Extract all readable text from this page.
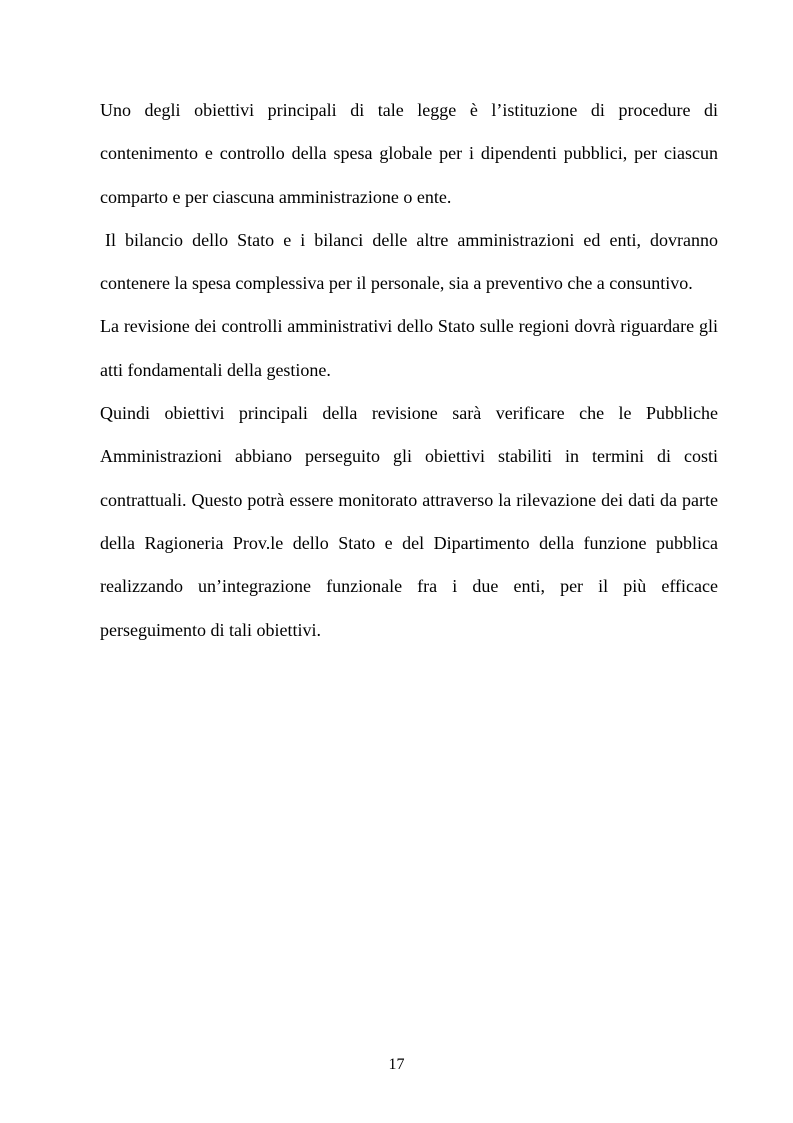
Uno degli obiettivi principali di tale legge è l’istituzione di procedure di contenimento e controllo della spesa globale per i dipendenti pubblici, per ciascun comparto e per ciascuna amministrazione o ente.

Il bilancio dello Stato e i bilanci delle altre amministrazioni ed enti, dovranno contenere la spesa complessiva per il personale, sia a preventivo che a consuntivo.

La revisione dei controlli amministrativi dello Stato sulle regioni dovrà riguardare gli atti fondamentali della gestione.

Quindi obiettivi principali della revisione sarà verificare che le Pubbliche Amministrazioni abbiano perseguito gli obiettivi stabiliti in termini di costi contrattuali. Questo potrà essere monitorato attraverso la rilevazione dei dati da parte della Ragioneria Prov.le dello Stato e del Dipartimento della funzione pubblica realizzando un’integrazione funzionale fra i due enti, per il più efficace perseguimento di tali obiettivi.

17
